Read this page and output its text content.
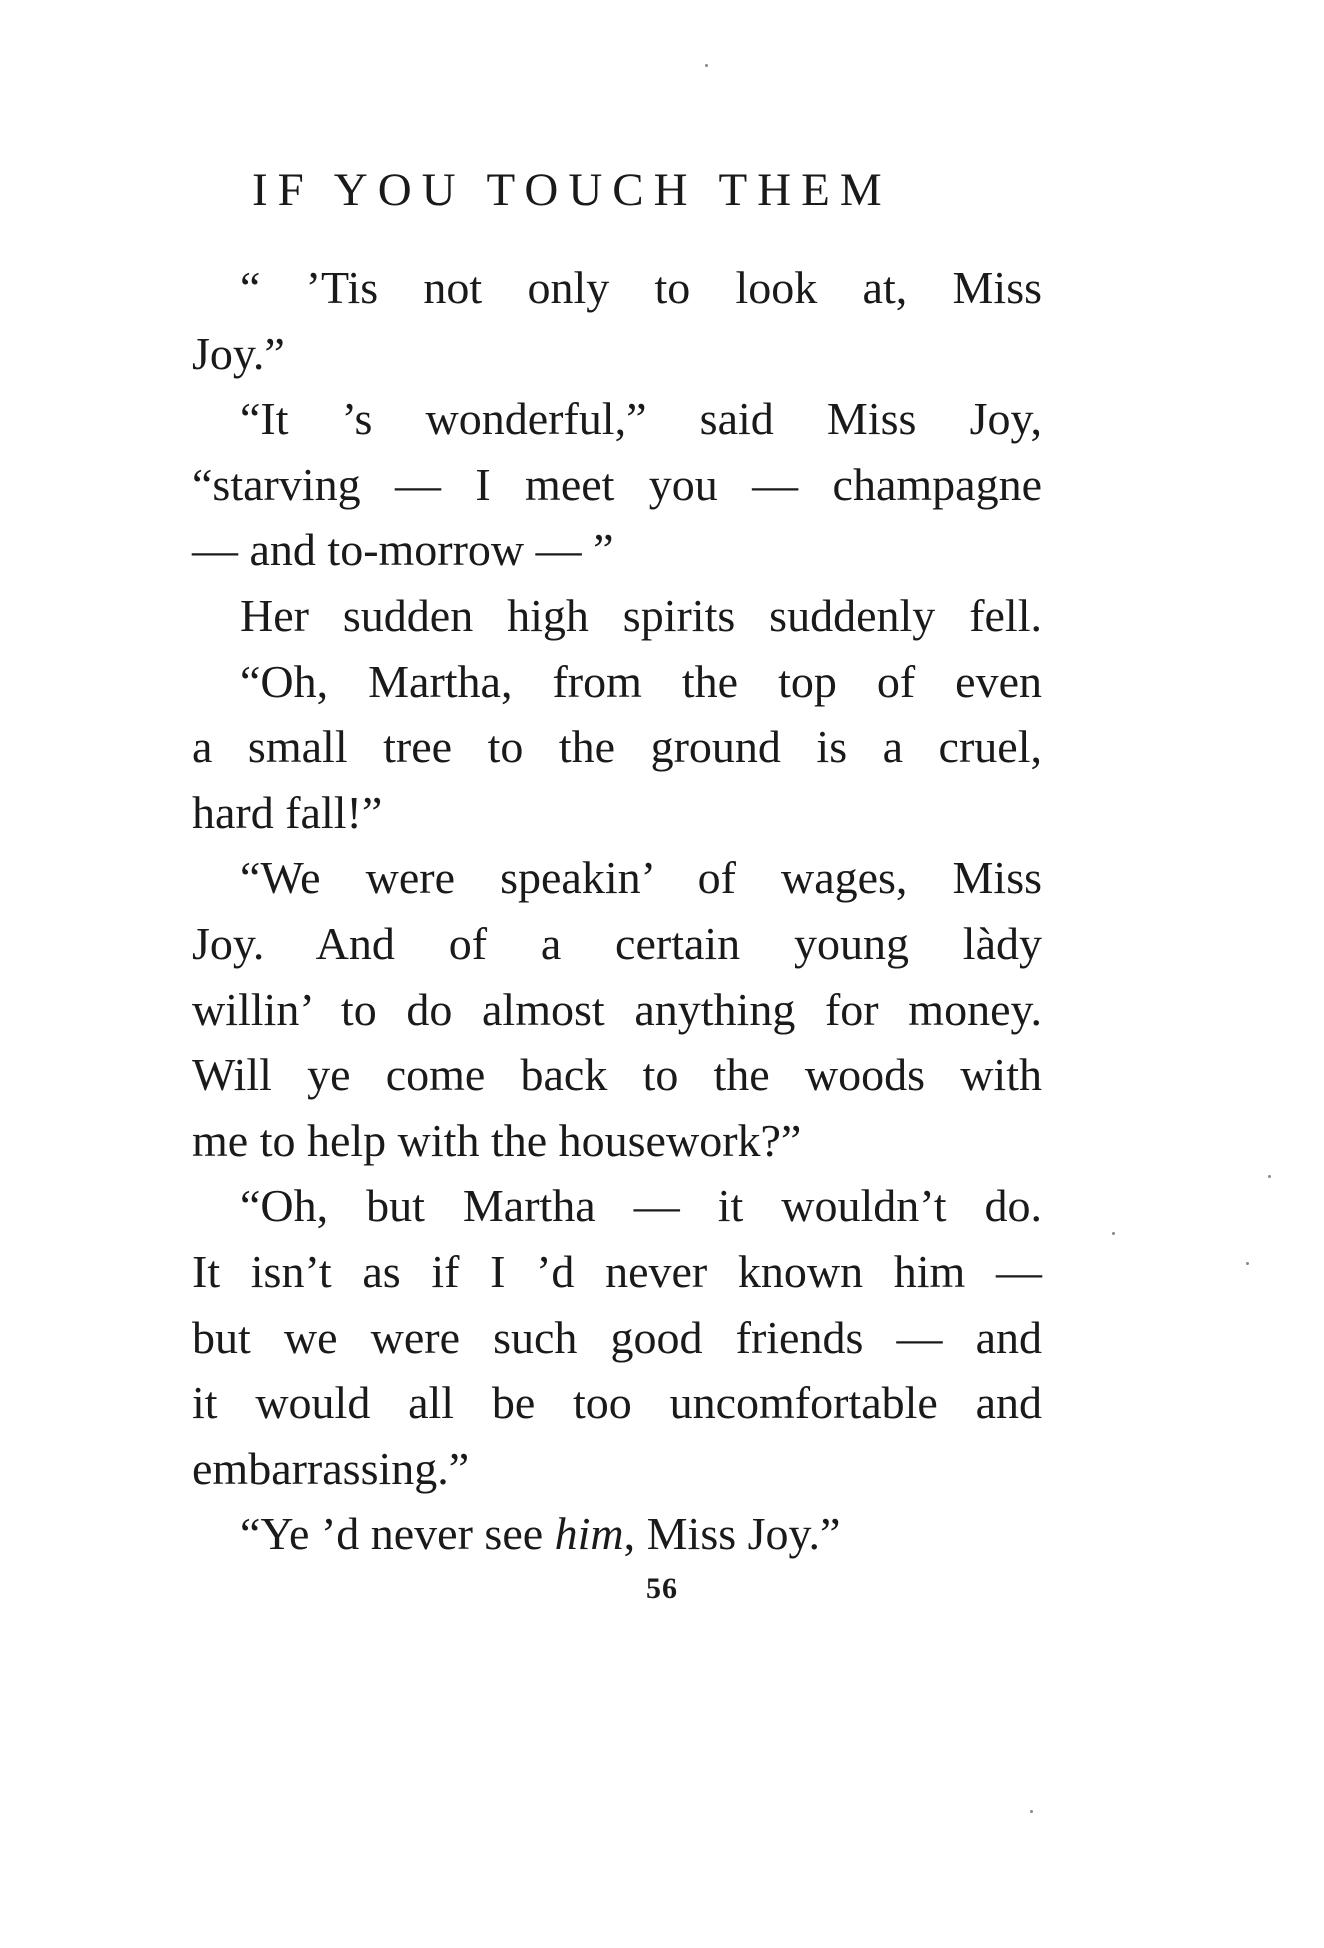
IF YOU TOUCH THEM
“ ’Tis not only to look at, Miss
Joy.”
“It ’s wonderful,” said Miss Joy,
“starving — I meet you — champagne
— and to-morrow — ”
Her sudden high spirits suddenly fell.
“Oh, Martha, from the top of even
a small tree to the ground is a cruel,
hard fall!”
“We were speakin’ of wages, Miss
Joy. And of a certain young làdy
willin’ to do almost anything for money.
Will ye come back to the woods with
me to help with the housework?”
“Oh, but Martha — it wouldn’t do.
It isn’t as if I ’d never known him —
but we were such good friends — and
it would all be too uncomfortable and
embarrassing.”
“Ye ’d never see him, Miss Joy.”
56
